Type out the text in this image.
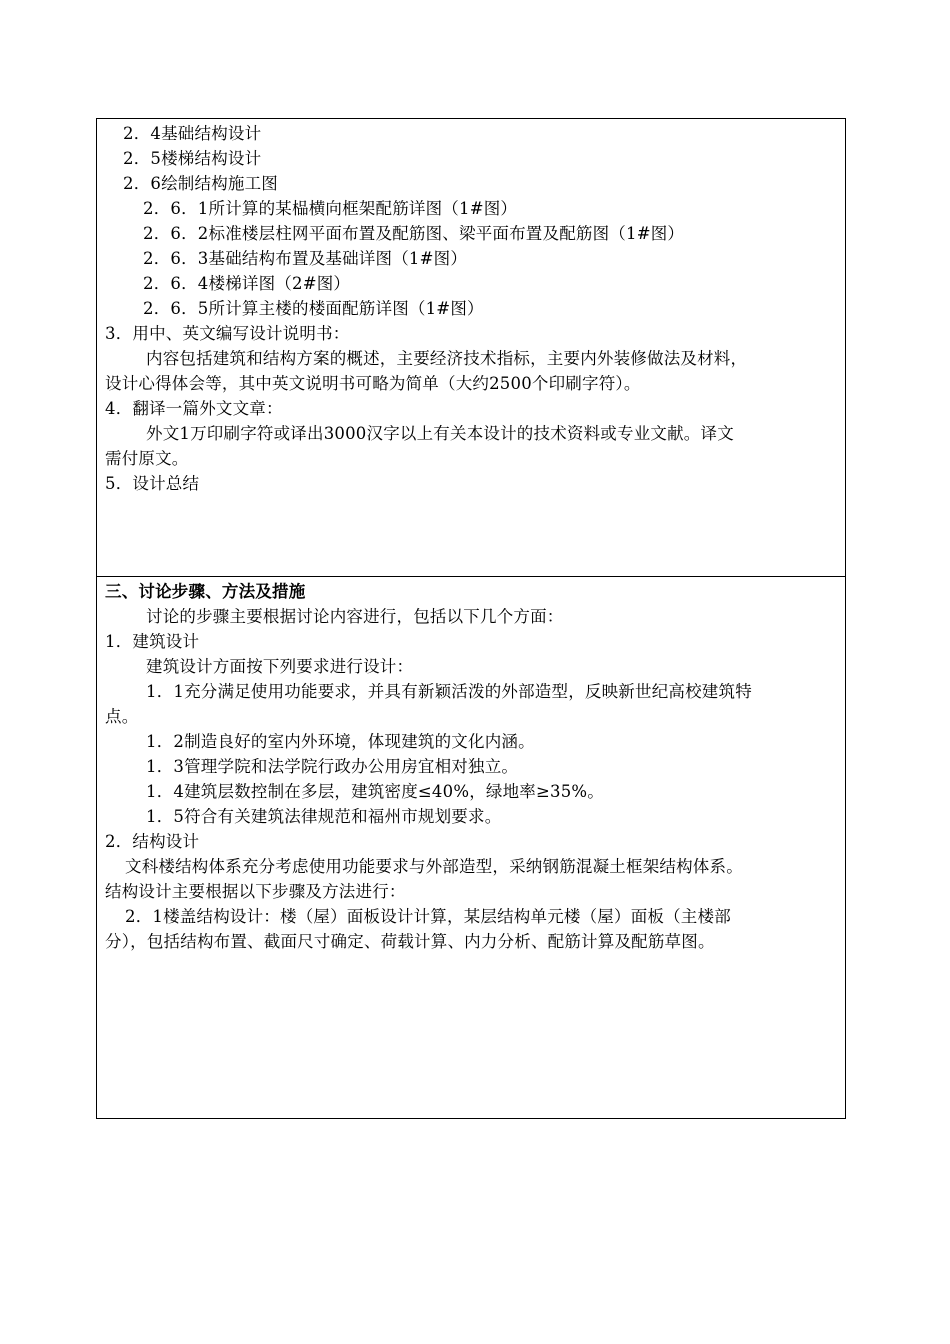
2．4基础结构设计
2．5楼梯结构设计
2．6绘制结构施工图
2．6．1所计算的某榀横向框架配筋详图（1#图）
2．6．2标准楼层柱网平面布置及配筋图、梁平面布置及配筋图（1#图）
2．6．3基础结构布置及基础详图（1#图）
2．6．4楼梯详图（2#图）
2．6．5所计算主楼的楼面配筋详图（1#图）
3．用中、英文编写设计说明书：
内容包括建筑和结构方案的概述，主要经济技术指标，主要内外装修做法及材料，
设计心得体会等，其中英文说明书可略为简单（大约2500个印刷字符）。
4．翻译一篇外文文章：
外文1万印刷字符或译出3000汉字以上有关本设计的技术资料或专业文献。译文
需付原文。
5．设计总结
三、讨论步骤、方法及措施
讨论的步骤主要根据讨论内容进行，包括以下几个方面：
1．建筑设计
建筑设计方面按下列要求进行设计：
1．1充分满足使用功能要求，并具有新颖活泼的外部造型，反映新世纪高校建筑特
点。
1．2制造良好的室内外环境，体现建筑的文化内涵。
1．3管理学院和法学院行政办公用房宜相对独立。
1．4建筑层数控制在多层，建筑密度≤40%，绿地率≥35%。
1．5符合有关建筑法律规范和福州市规划要求。
2．结构设计
文科楼结构体系充分考虑使用功能要求与外部造型，采纳钢筋混凝土框架结构体系。
结构设计主要根据以下步骤及方法进行：
2．1楼盖结构设计：楼（屋）面板设计计算，某层结构单元楼（屋）面板（主楼部
分），包括结构布置、截面尺寸确定、荷载计算、内力分析、配筋计算及配筋草图。
